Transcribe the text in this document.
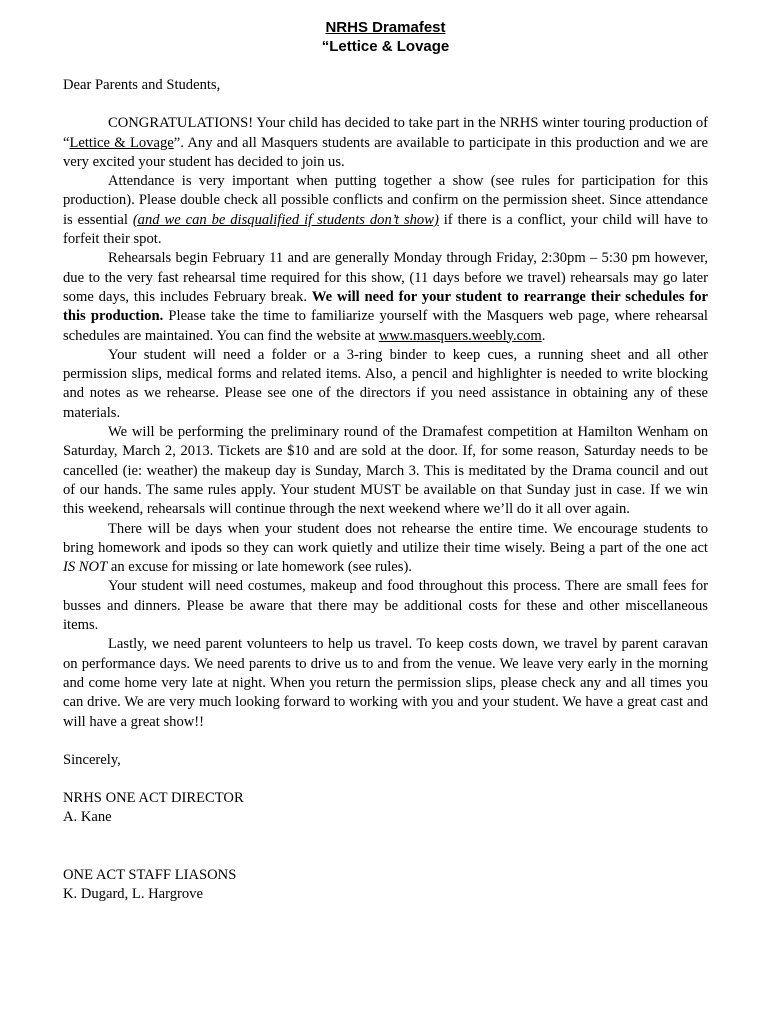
NRHS Dramafest
“Lettice & Lovage
Dear Parents and Students,

CONGRATULATIONS! Your child has decided to take part in the NRHS winter touring production of “Lettice & Lovage”. Any and all Masquers students are available to participate in this production and we are very excited your student has decided to join us.

Attendance is very important when putting together a show (see rules for participation for this production). Please double check all possible conflicts and confirm on the permission sheet. Since attendance is essential (and we can be disqualified if students don’t show) if there is a conflict, your child will have to forfeit their spot.

Rehearsals begin February 11 and are generally Monday through Friday, 2:30pm – 5:30 pm however, due to the very fast rehearsal time required for this show, (11 days before we travel) rehearsals may go later some days, this includes February break. We will need for your student to rearrange their schedules for this production. Please take the time to familiarize yourself with the Masquers web page, where rehearsal schedules are maintained. You can find the website at www.masquers.weebly.com.

Your student will need a folder or a 3-ring binder to keep cues, a running sheet and all other permission slips, medical forms and related items. Also, a pencil and highlighter is needed to write blocking and notes as we rehearse. Please see one of the directors if you need assistance in obtaining any of these materials.

We will be performing the preliminary round of the Dramafest competition at Hamilton Wenham on Saturday, March 2, 2013. Tickets are $10 and are sold at the door. If, for some reason, Saturday needs to be cancelled (ie: weather) the makeup day is Sunday, March 3. This is meditated by the Drama council and out of our hands. The same rules apply. Your student MUST be available on that Sunday just in case. If we win this weekend, rehearsals will continue through the next weekend where we’ll do it all over again.

There will be days when your student does not rehearse the entire time. We encourage students to bring homework and ipods so they can work quietly and utilize their time wisely. Being a part of the one act IS NOT an excuse for missing or late homework (see rules).

Your student will need costumes, makeup and food throughout this process. There are small fees for busses and dinners. Please be aware that there may be additional costs for these and other miscellaneous items.

Lastly, we need parent volunteers to help us travel. To keep costs down, we travel by parent caravan on performance days. We need parents to drive us to and from the venue. We leave very early in the morning and come home very late at night. When you return the permission slips, please check any and all times you can drive. We are very much looking forward to working with you and your student. We have a great cast and will have a great show!!

Sincerely,
NRHS ONE ACT DIRECTOR
A. Kane
ONE ACT STAFF LIASONS
K. Dugard, L. Hargrove
